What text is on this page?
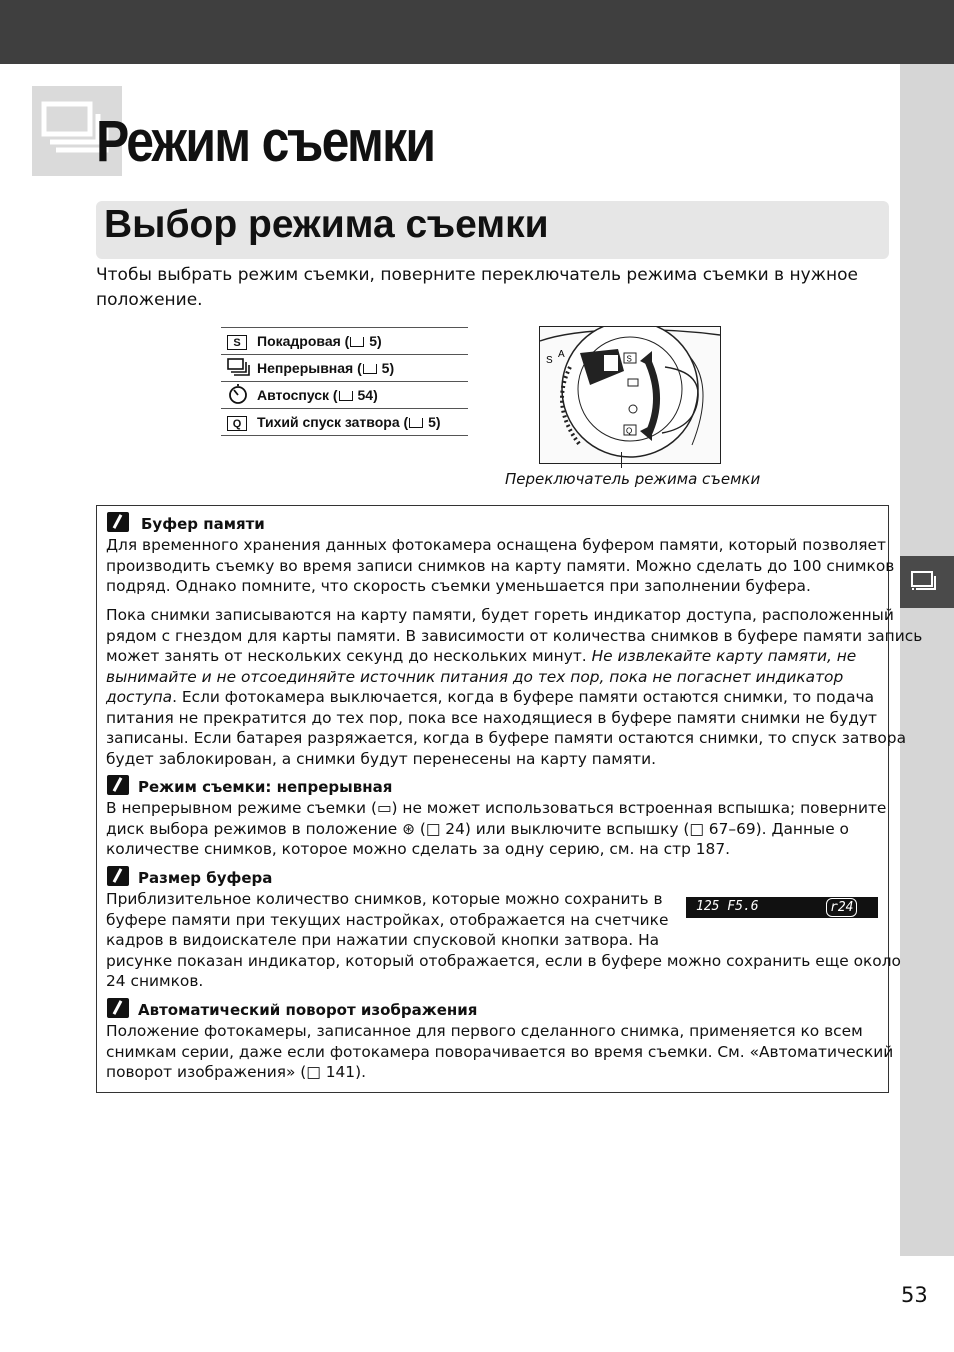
Режим съемки
Выбор режима съемки

Чтобы выбрать режим съемки, поверните переключатель режима съемки в нужное
положение.

S	Покадровая ( 5)
	Непрерывная ( 5)
	Автоспуск ( 54)
Q	Тихий спуск затвора ( 5)
S
A	S
Q

Переключатель режима съемки

Буфер памяти

Для временного хранения данных фотокамера оснащена буфером памяти, который позволяет
производить съемку во время записи снимков на карту памяти. Можно сделать до 100 снимков
подряд. Однако помните, что скорость съемки уменьшается при заполнении буфера.

Пока снимки записываются на карту памяти, будет гореть индикатор доступа, расположенный
рядом с гнездом для карты памяти. В зависимости от количества снимков в буфере памяти запись
может занять от нескольких секунд до нескольких минут. Не извлекайте карту памяти, не
вынимайте и не отсоединяйте источник питания до тех пор, пока не погаснет индикатор
доступа. Если фотокамера выключается, когда в буфере памяти остаются снимки, то подача
питания не прекратится до тех пор, пока все находящиеся в буфере памяти снимки не будут
записаны. Если батарея разряжается, когда в буфере памяти остаются снимки, то спуск затвора
будет заблокирован, а снимки будут перенесены на карту памяти.

Режим съемки: непрерывная

В непрерывном режиме съемки (▭) не может использоваться встроенная вспышка; поверните
диск выбора режимов в положение ⊛ (□ 24) или выключите вспышку (□ 67–69). Данные о
количестве снимков, которое можно сделать за одну серию, см. на стр 187.

Размер буфера

Приблизительное количество снимков, которые можно сохранить в
буфере памяти при текущих настройках, отображается на счетчике
кадров в видоискателе при нажатии спусковой кнопки затвора. На
рисунке показан индикатор, который отображается, если в буфере можно сохранить еще около
24 снимков.

Автоматический поворот изображения

Положение фотокамеры, записанное для первого сделанного снимка, применяется ко всем
снимкам серии, даже если фотокамера поворачивается во время съемки. См. «Автоматический
поворот изображения» (□ 141).

125 F5.6	r24

53
